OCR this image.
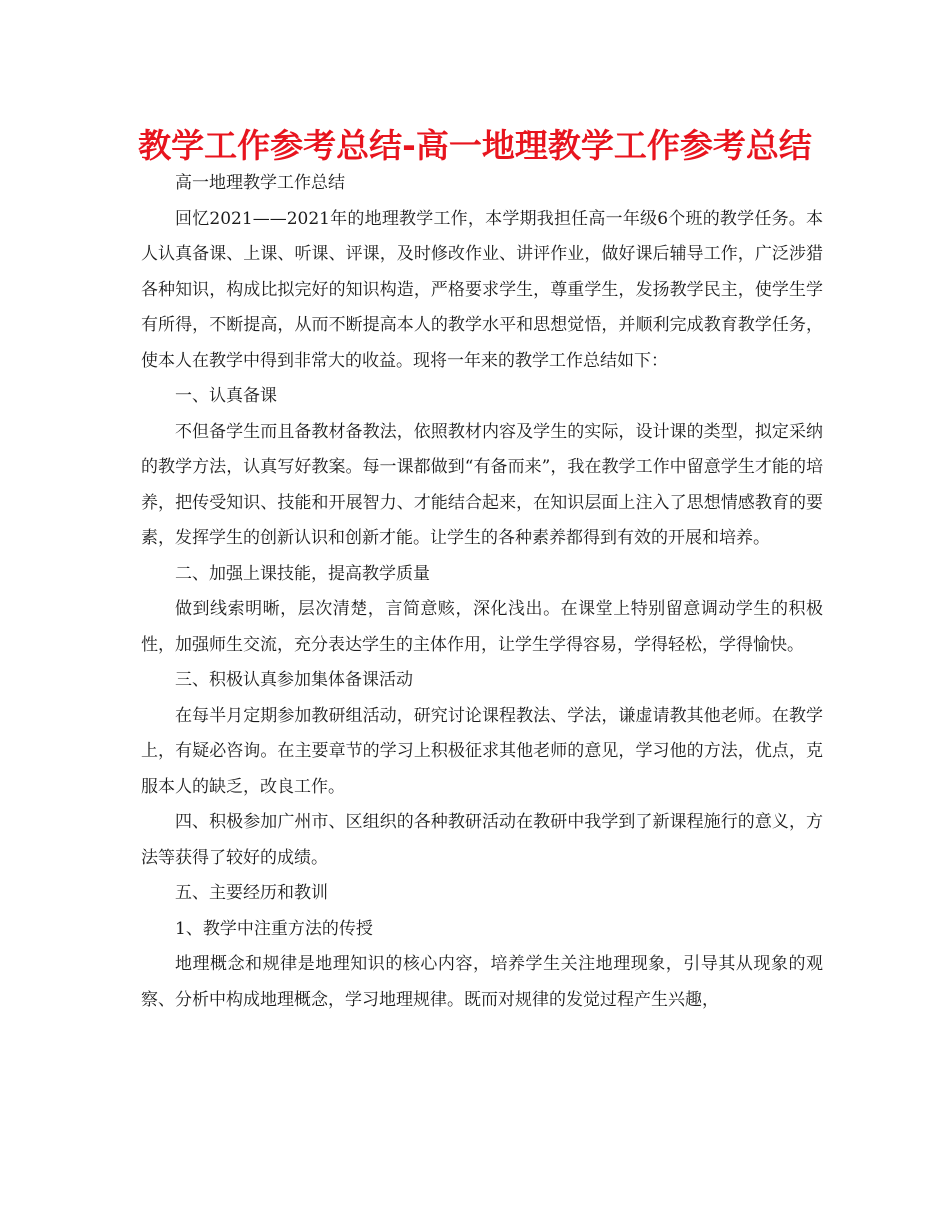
教学工作参考总结-高一地理教学工作参考总结

高一地理教学工作总结

回忆2021——2021年的地理教学工作，本学期我担任高一年级6个班的教学任务。本人认真备课、上课、听课、评课，及时修改作业、讲评作业，做好课后辅导工作，广泛涉猎各种知识，构成比拟完好的知识构造，严格要求学生，尊重学生，发扬教学民主，使学生学有所得，不断提高，从而不断提高本人的教学水平和思想觉悟，并顺利完成教育教学任务，使本人在教学中得到非常大的收益。现将一年来的教学工作总结如下：

一、认真备课

不但备学生而且备教材备教法，依照教材内容及学生的实际，设计课的类型，拟定采纳的教学方法，认真写好教案。每一课都做到“有备而来”，我在教学工作中留意学生才能的培养，把传受知识、技能和开展智力、才能结合起来，在知识层面上注入了思想情感教育的要素，发挥学生的创新认识和创新才能。让学生的各种素养都得到有效的开展和培养。

二、加强上课技能，提高教学质量

做到线索明晰，层次清楚，言简意赅，深化浅出。在课堂上特别留意调动学生的积极性，加强师生交流，充分表达学生的主体作用，让学生学得容易，学得轻松，学得愉快。

三、积极认真参加集体备课活动

在每半月定期参加教研组活动，研究讨论课程教法、学法，谦虚请教其他老师。在教学上，有疑必咨询。在主要章节的学习上积极征求其他老师的意见，学习他的方法，优点，克服本人的缺乏，改良工作。

四、积极参加广州市、区组织的各种教研活动在教研中我学到了新课程施行的意义，方法等获得了较好的成绩。

五、主要经历和教训

1、教学中注重方法的传授

地理概念和规律是地理知识的核心内容，培养学生关注地理现象，引导其从现象的观察、分析中构成地理概念，学习地理规律。既而对规律的发觉过程产生兴趣，
